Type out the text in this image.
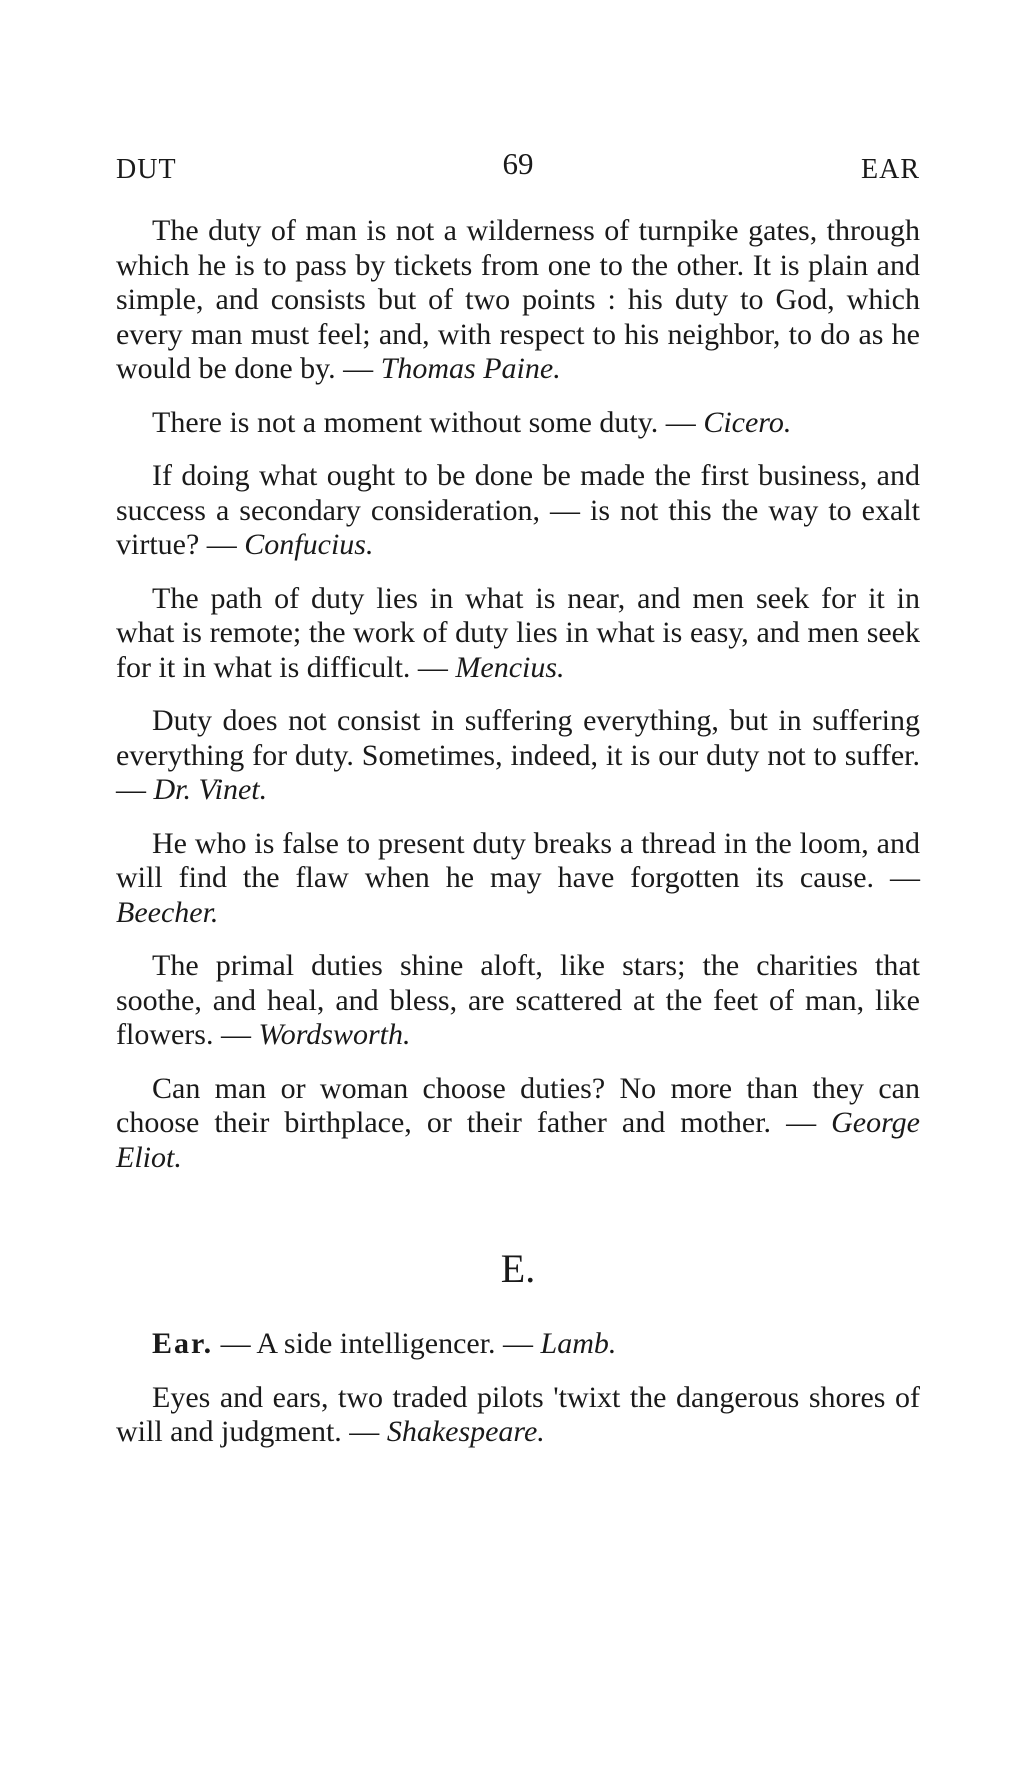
DUT	69	EAR

The duty of man is not a wilderness of turnpike gates, through which he is to pass by tickets from one to the other. It is plain and simple, and consists but of two points : his duty to God, which every man must feel; and, with respect to his neighbor, to do as he would be done by. — Thomas Paine.

There is not a moment without some duty. — Cicero.

If doing what ought to be done be made the first business, and success a secondary consideration, — is not this the way to exalt virtue? — Confucius.

The path of duty lies in what is near, and men seek for it in what is remote; the work of duty lies in what is easy, and men seek for it in what is difficult. — Mencius.

Duty does not consist in suffering everything, but in suffering everything for duty. Sometimes, indeed, it is our duty not to suffer. — Dr. Vinet.

He who is false to present duty breaks a thread in the loom, and will find the flaw when he may have forgotten its cause. — Beecher.

The primal duties shine aloft, like stars; the charities that soothe, and heal, and bless, are scattered at the feet of man, like flowers. — Wordsworth.

Can man or woman choose duties? No more than they can choose their birthplace, or their father and mother. — George Eliot.

E.

Ear. — A side intelligencer. — Lamb.

Eyes and ears, two traded pilots 'twixt the dangerous shores of will and judgment. — Shakespeare.
